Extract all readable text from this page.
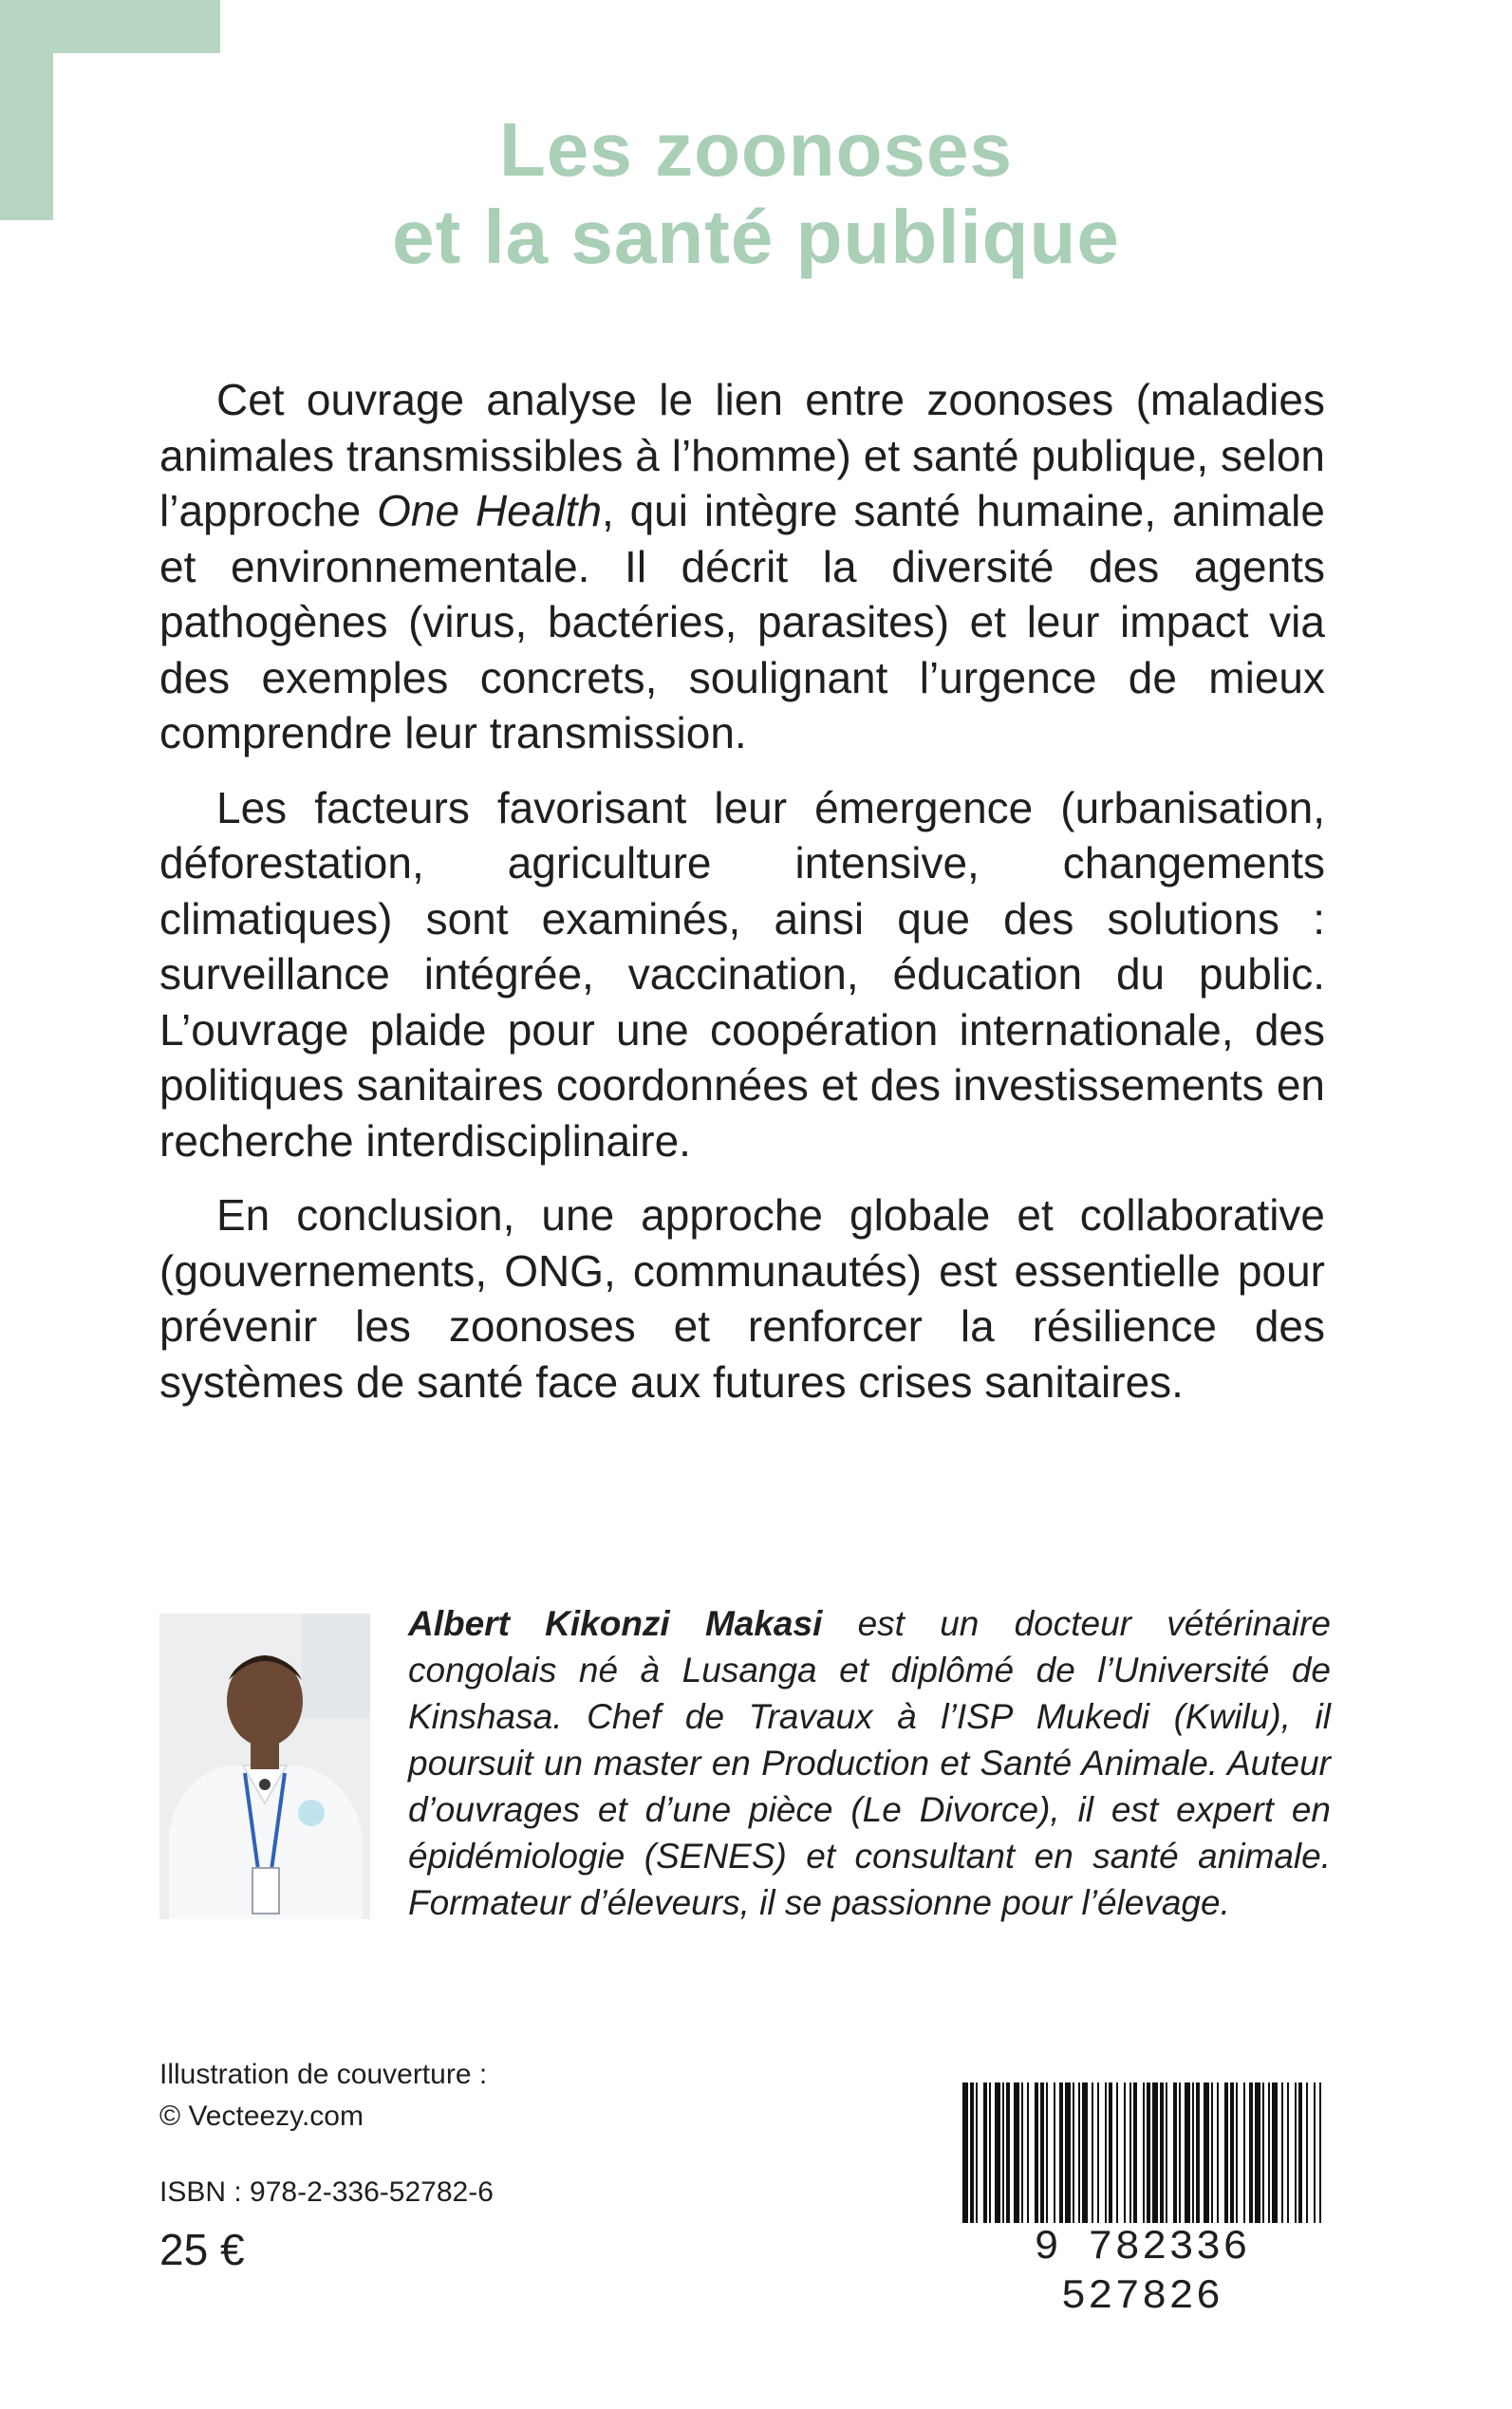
Les zoonoses
et la santé publique

Cet ouvrage analyse le lien entre zoonoses (maladies animales transmissibles à l’homme) et santé publique, selon l’approche One Health, qui intègre santé humaine, animale et environnementale. Il décrit la diversité des agents pathogènes (virus, bactéries, parasites) et leur impact via des exemples concrets, soulignant l’urgence de mieux comprendre leur transmission.

Les facteurs favorisant leur émergence (urbanisation, déforestation, agriculture intensive, changements climatiques) sont examinés, ainsi que des solutions : surveillance intégrée, vaccination, éducation du public. L’ouvrage plaide pour une coopération internationale, des politiques sanitaires coordonnées et des investissements en recherche interdisciplinaire.

En conclusion, une approche globale et collaborative (gouvernements, ONG, communautés) est essentielle pour prévenir les zoonoses et renforcer la résilience des systèmes de santé face aux futures crises sanitaires.

Albert Kikonzi Makasi est un docteur vétérinaire congolais né à Lusanga et diplômé de l’Université de Kinshasa. Chef de Travaux à l’ISP Mukedi (Kwilu), il poursuit un master en Production et Santé Animale. Auteur d’ouvrages et d’une pièce (Le Divorce), il est expert en épidémiologie (SENES) et consultant en santé animale. Formateur d’éleveurs, il se passionne pour l’élevage.
Illustration de couverture :
© Vecteezy.com
ISBN : 978-2-336-52782-6
25 €	9 782336 527826
